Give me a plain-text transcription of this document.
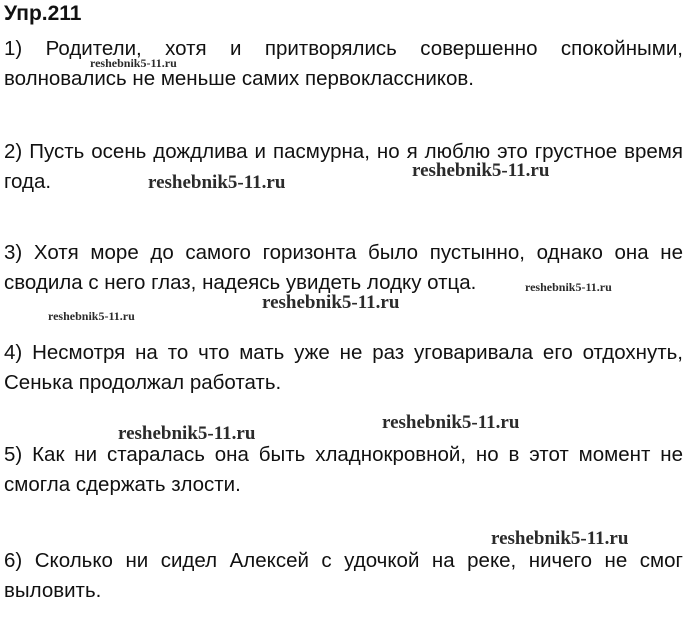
Упр.211

1) Родители, хотя и притворялись совершенно спокойными, волновались не меньше самих первоклассников.

2) Пусть осень дождлива и пасмурна, но я люблю это грустное время года.

3) Хотя море до самого горизонта было пустынно, однако она не сводила с него глаз, надеясь увидеть лодку отца.

4) Несмотря на то что мать уже не раз уговаривала его отдохнуть, Сенька продолжал работать.

5) Как ни старалась она быть хладнокровной, но в этот момент не смогла сдержать злости.

6) Сколько ни сидел Алексей с удочкой на реке, ничего не смог выловить.

reshebnik5-11.ru
reshebnik5-11.ru
reshebnik5-11.ru
reshebnik5-11.ru
reshebnik5-11.ru
reshebnik5-11.ru
reshebnik5-11.ru
reshebnik5-11.ru
reshebnik5-11.ru
